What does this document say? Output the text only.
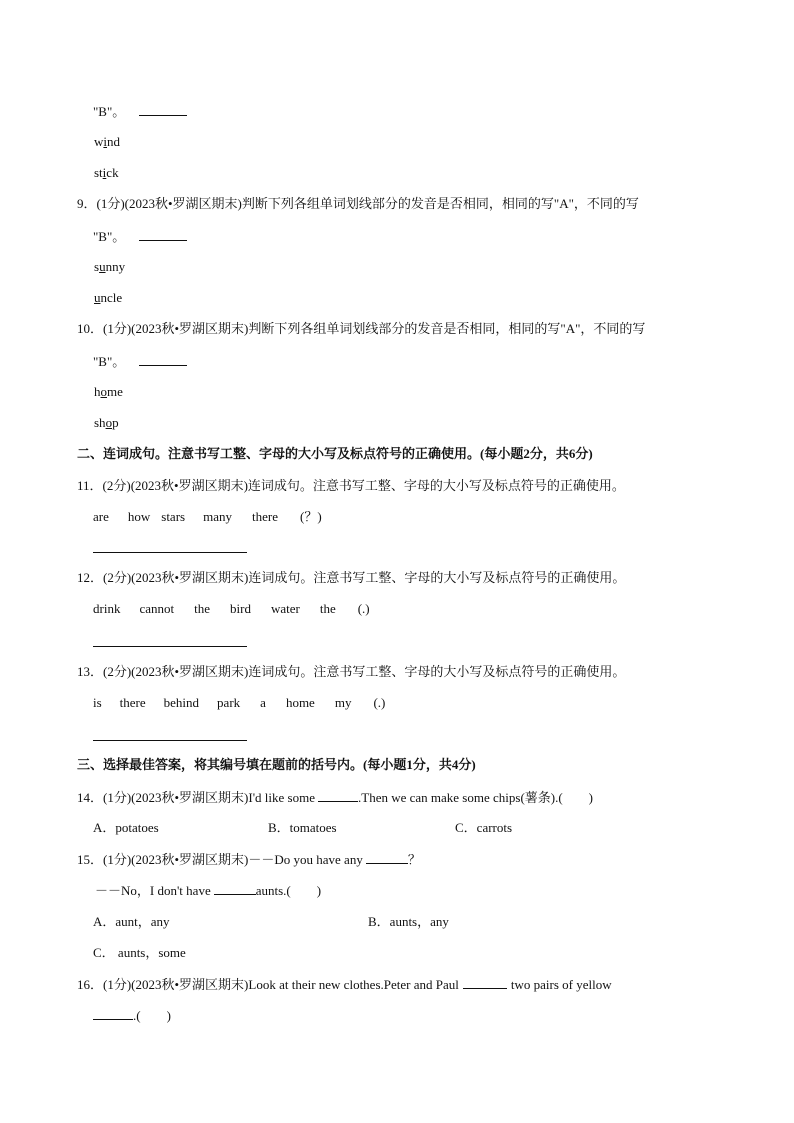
"B"。
wind
stick
9．(1分)(2023秋•罗湖区期末)判断下列各组单词划线部分的发音是否相同，相同的写"A"，不同的写
"B"。
sunny
uncle
10．(1分)(2023秋•罗湖区期末)判断下列各组单词划线部分的发音是否相同，相同的写"A"，不同的写
"B"。
home
shop
二、连词成句。注意书写工整、字母的大小写及标点符号的正确使用。(每小题2分，共6分)
11．(2分)(2023秋•罗湖区期末)连词成句。注意书写工整、字母的大小写及标点符号的正确使用。
are how stars many there (？)
12．(2分)(2023秋•罗湖区期末)连词成句。注意书写工整、字母的大小写及标点符号的正确使用。
drink cannot the bird water the (.)
13．(2分)(2023秋•罗湖区期末)连词成句。注意书写工整、字母的大小写及标点符号的正确使用。
is there behind park a home my (.)
三、选择最佳答案，将其编号填在题前的括号内。(每小题1分，共4分)
14．(1分)(2023秋•罗湖区期末)I'd like some	.Then we can make some chips(薯条).(　　)
A．potatoes	B．tomatoes	C．carrots
15．(1分)(2023秋•罗湖区期末)－－Do you have any	？
－－No，I don't have	aunts.(　　)
A．aunt，any	B．aunts，any
C． aunts，some
16．(1分)(2023秋•罗湖区期末)Look at their new clothes.Peter and Paul	two pairs of yellow
.(　　)
